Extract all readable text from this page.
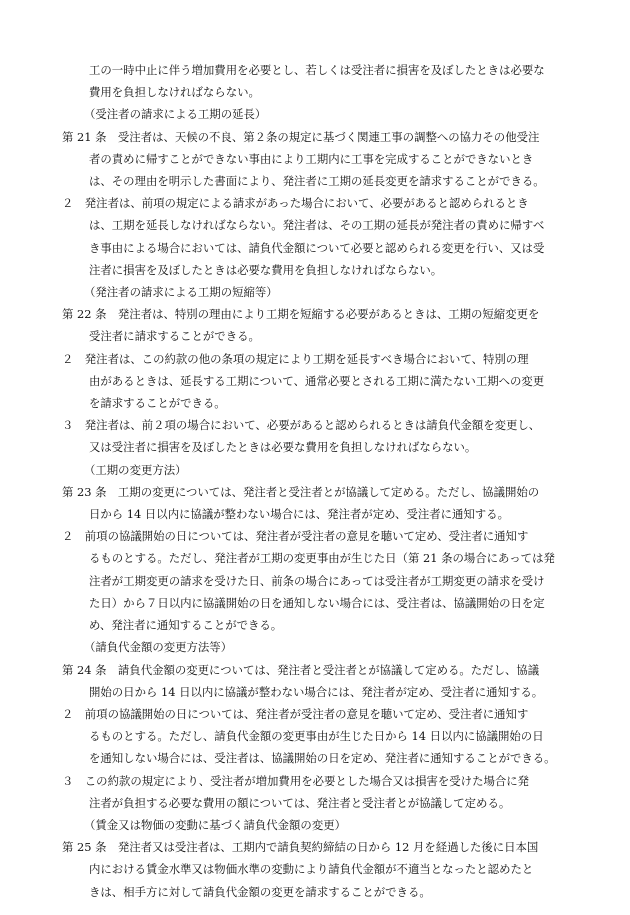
工の一時中止に伴う増加費用を必要とし、若しくは受注者に損害を及ぼしたときは必要な
費用を負担しなければならない。
（受注者の請求による工期の延長）
第 21 条　受注者は、天候の不良、第２条の規定に基づく関連工事の調整への協力その他受注
者の責めに帰すことができない事由により工期内に工事を完成することができないとき
は、その理由を明示した書面により、発注者に工期の延長変更を請求することができる。
２　発注者は、前項の規定による請求があった場合において、必要があると認められるとき
は、工期を延長しなければならない。発注者は、その工期の延長が発注者の責めに帰すべ
き事由による場合においては、請負代金額について必要と認められる変更を行い、又は受
注者に損害を及ぼしたときは必要な費用を負担しなければならない。
（発注者の請求による工期の短縮等）
第 22 条　発注者は、特別の理由により工期を短縮する必要があるときは、工期の短縮変更を
受注者に請求することができる。
２　発注者は、この約款の他の条項の規定により工期を延長すべき場合において、特別の理
由があるときは、延長する工期について、通常必要とされる工期に満たない工期への変更
を請求することができる。
３　発注者は、前２項の場合において、必要があると認められるときは請負代金額を変更し、
又は受注者に損害を及ぼしたときは必要な費用を負担しなければならない。
（工期の変更方法）
第 23 条　工期の変更については、発注者と受注者とが協議して定める。ただし、協議開始の
日から 14 日以内に協議が整わない場合には、発注者が定め、受注者に通知する。
２　前項の協議開始の日については、発注者が受注者の意見を聴いて定め、受注者に通知す
るものとする。ただし、発注者が工期の変更事由が生じた日（第 21 条の場合にあっては発
注者が工期変更の請求を受けた日、前条の場合にあっては受注者が工期変更の請求を受け
た日）から７日以内に協議開始の日を通知しない場合には、受注者は、協議開始の日を定
め、発注者に通知することができる。
（請負代金額の変更方法等）
第 24 条　請負代金額の変更については、発注者と受注者とが協議して定める。ただし、協議
開始の日から 14 日以内に協議が整わない場合には、発注者が定め、受注者に通知する。
２　前項の協議開始の日については、発注者が受注者の意見を聴いて定め、受注者に通知す
るものとする。ただし、請負代金額の変更事由が生じた日から 14 日以内に協議開始の日
を通知しない場合には、受注者は、協議開始の日を定め、発注者に通知することができる。
３　この約款の規定により、受注者が増加費用を必要とした場合又は損害を受けた場合に発
注者が負担する必要な費用の額については、発注者と受注者とが協議して定める。
（賃金又は物価の変動に基づく請負代金額の変更）
第 25 条　発注者又は受注者は、工期内で請負契約締結の日から 12 月を経過した後に日本国
内における賃金水準又は物価水準の変動により請負代金額が不適当となったと認めたと
きは、相手方に対して請負代金額の変更を請求することができる。
